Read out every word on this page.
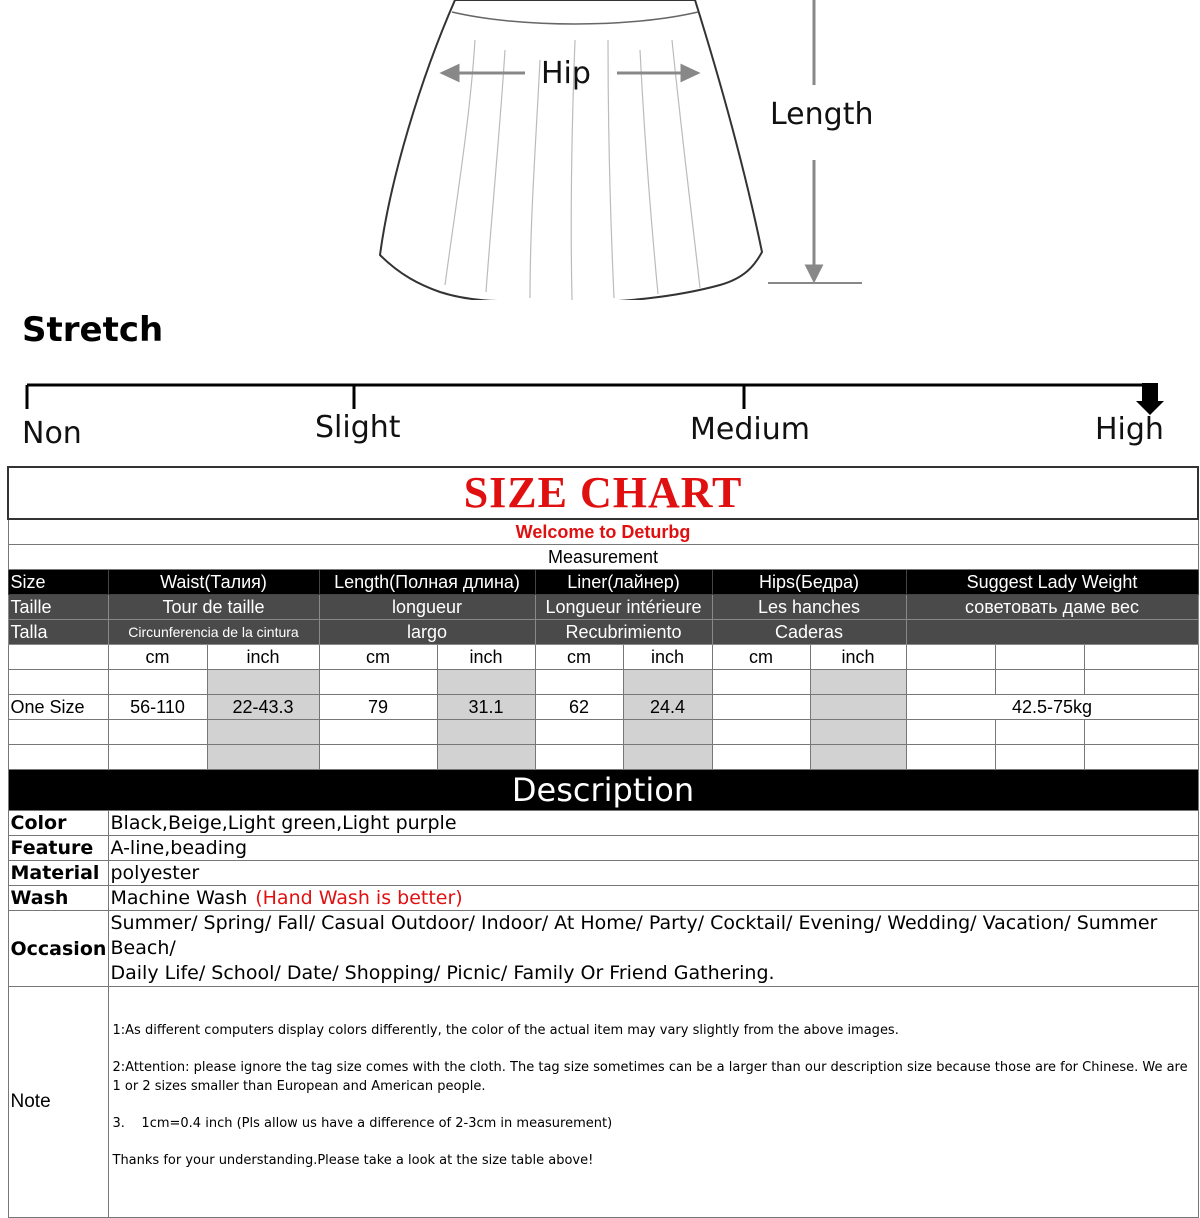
Hip
Length
Stretch
Non	Slight	Medium	High
SIZE CHART											
Welcome to Deturbg											
Measurement											
Size	Waist(Талия)		Length(Полная длина)		Liner(лайнер)		Hips(Бедра)		Suggest Lady Weight		
Taille	Tour de taille		longueur		Longueur intérieure		Les hanches		советовать даме вес		
Talla	Circunferencia de la cintura		largo		Recubrimiento		Caderas				
	cm	inch	cm	inch	cm	inch	cm	inch			

One Size	56-110	22-43.3	79	31.1	62	24.4			42.5-75kg		

Description											
Color	Black,Beige,Light green,Light purple										
Feature	A-line,beading										
Material	polyester										
Wash	Machine Wash (Hand Wash is better)										
Occasion	Summer/ Spring/ Fall/ Casual Outdoor/ Indoor/ At Home/ Party/ Cocktail/ Evening/ Wedding/ Vacation/ Summer Beach/
Daily Life/ School/ Date/ Shopping/ Picnic/ Family Or Friend Gathering.										

Note	1:As different computers display colors differently, the color of the actual item may vary slightly from the above images.

2:Attention: please ignore the tag size comes with the cloth. The tag size sometimes can be a larger than our description size because those are for Chinese. We are 1 or 2 sizes smaller than European and American people.

3.    1cm=0.4 inch (Pls allow us have a difference of 2-3cm in measurement)

Thanks for your understanding.Please take a look at the size table above!										
